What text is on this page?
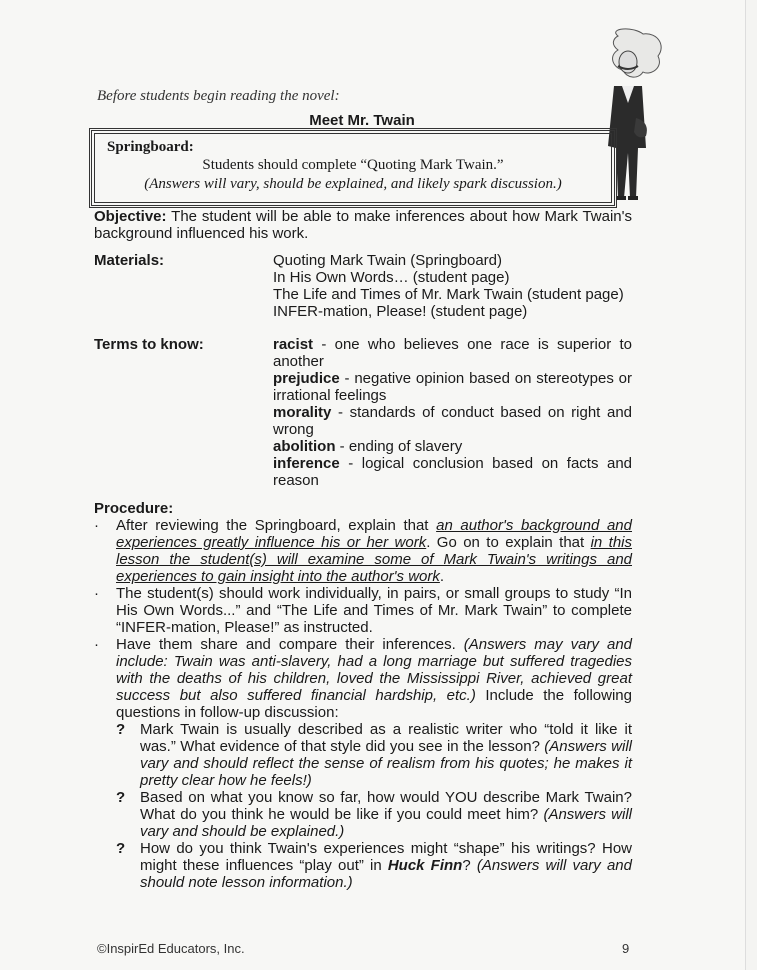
Before students begin reading the novel:
Meet Mr. Twain
Springboard:
Students should complete “Quoting Mark Twain.”
(Answers will vary, should be explained, and likely spark discussion.)
Objective: The student will be able to make inferences about how Mark Twain's background influenced his work.
Materials:	Quoting Mark Twain (Springboard)
In His Own Words… (student page)
The Life and Times of Mr. Mark Twain (student page)
INFER-mation, Please! (student page)
Terms to know:	racist - one who believes one race is superior to another
prejudice - negative opinion based on stereotypes or irrational feelings
morality - standards of conduct based on right and wrong
abolition - ending of slavery
inference - logical conclusion based on facts and reason
Procedure:
· After reviewing the Springboard, explain that an author's background and experiences greatly influence his or her work. Go on to explain that in this lesson the student(s) will examine some of Mark Twain's writings and experiences to gain insight into the author's work.
· The student(s) should work individually, in pairs, or small groups to study “In His Own Words...” and “The Life and Times of Mr. Mark Twain” to complete “INFER-mation, Please!” as instructed.
· Have them share and compare their inferences. (Answers may vary and include: Twain was anti-slavery, had a long marriage but suffered tragedies with the deaths of his children, loved the Mississippi River, achieved great success but also suffered financial hardship, etc.) Include the following questions in follow-up discussion:
? Mark Twain is usually described as a realistic writer who “told it like it was.” What evidence of that style did you see in the lesson? (Answers will vary and should reflect the sense of realism from his quotes; he makes it pretty clear how he feels!)
? Based on what you know so far, how would YOU describe Mark Twain? What do you think he would be like if you could meet him? (Answers will vary and should be explained.)
? How do you think Twain's experiences might “shape” his writings? How might these influences “play out” in Huck Finn? (Answers will vary and should note lesson information.)
©InspirEd Educators, Inc.	9
